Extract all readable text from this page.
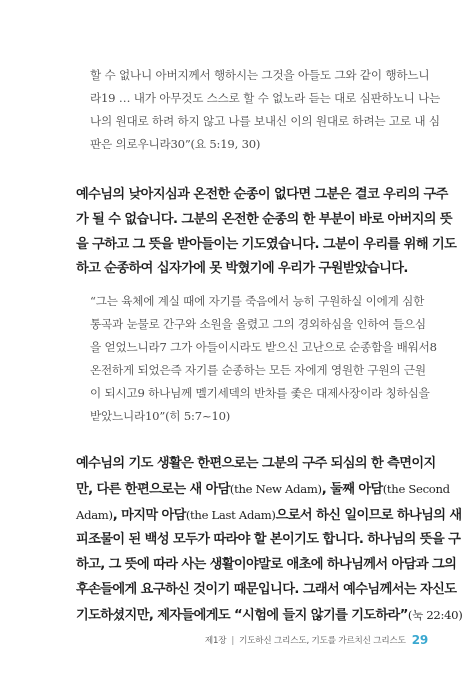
할 수 없나니 아버지께서 행하시는 그것을 아들도 그와 같이 행하느니
라19 … 내가 아무것도 스스로 할 수 없노라 듣는 대로 심판하노니 나는
나의 원대로 하려 하지 않고 나를 보내신 이의 원대로 하려는 고로 내 심
판은 의로우니라30”(요 5:19, 30)
예수님의 낮아지심과 온전한 순종이 없다면 그분은 결코 우리의 구주
가 될 수 없습니다. 그분의 온전한 순종의 한 부분이 바로 아버지의 뜻
을 구하고 그 뜻을 받아들이는 기도였습니다. 그분이 우리를 위해 기도
하고 순종하여 십자가에 못 박혔기에 우리가 구원받았습니다.
“그는 육체에 계실 때에 자기를 죽음에서 능히 구원하실 이에게 심한
통곡과 눈물로 간구와 소원을 올렸고 그의 경외하심을 인하여 들으심
을 얻었느니라7 그가 아들이시라도 받으신 고난으로 순종함을 배워서8
온전하게 되었은즉 자기를 순종하는 모든 자에게 영원한 구원의 근원
이 되시고9 하나님께 멜기세덱의 반차를 좇은 대제사장이라 칭하심을
받았느니라10”(히 5:7~10)
예수님의 기도 생활은 한편으로는 그분의 구주 되심의 한 측면이지
만, 다른 한편으로는 새 아담(the New Adam), 둘째 아담(the Second
Adam), 마지막 아담(the Last Adam)으로서 하신 일이므로 하나님의 새
피조물이 된 백성 모두가 따라야 할 본이기도 합니다. 하나님의 뜻을 구
하고, 그 뜻에 따라 사는 생활이야말로 애초에 하나님께서 아담과 그의
후손들에게 요구하신 것이기 때문입니다. 그래서 예수님께서는 자신도
기도하셨지만, 제자들에게도 “시험에 들지 않기를 기도하라”(눅 22:40)
제1장 | 기도하신 그리스도, 기도를 가르치신 그리스도 29
